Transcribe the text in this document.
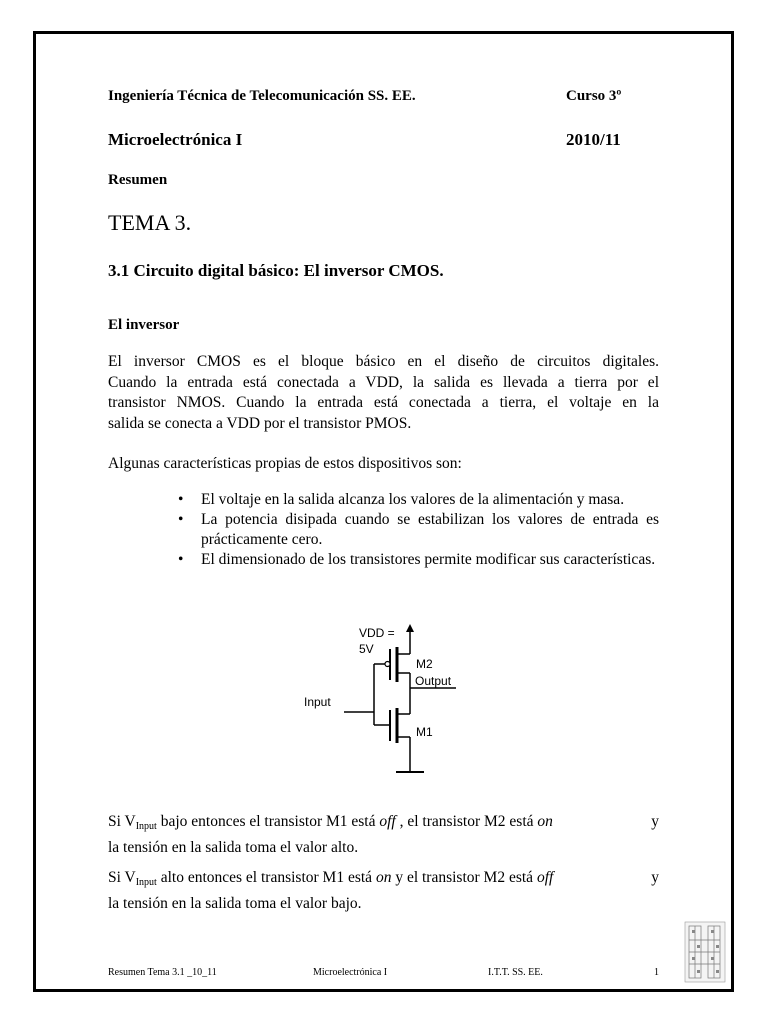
Ingeniería Técnica de Telecomunicación SS. EE.	Curso 3º
Microelectrónica I	2010/11
Resumen
TEMA 3.
3.1 Circuito digital básico: El inversor CMOS.
El inversor
El inversor CMOS es el bloque básico en el diseño de circuitos digitales.
Cuando la entrada está conectada a VDD, la salida es llevada a tierra por el
transistor NMOS. Cuando la entrada está conectada a tierra, el voltaje en la
salida se conecta a VDD por el transistor PMOS.
Algunas características propias de estos dispositivos son:
• El voltaje en la salida alcanza los valores de la alimentación y masa.
• La potencia disipada cuando se estabilizan los valores de entrada es prácticamente cero.
• El dimensionado de los transistores permite modificar sus características.
VDD =
5V
M2
Output
Input
M1
Si $V_{Input}$ bajo entonces el transistor M1 está off , el transistor M2 está on	y
la tensión en la salida toma el valor alto.
Si $V_{Input}$ alto entonces el transistor M1 está on y el transistor M2 está off	y
la tensión en la salida toma el valor bajo.
Resumen Tema 3.1 _10_11	Microelectrónica I	I.T.T. SS. EE.	1
